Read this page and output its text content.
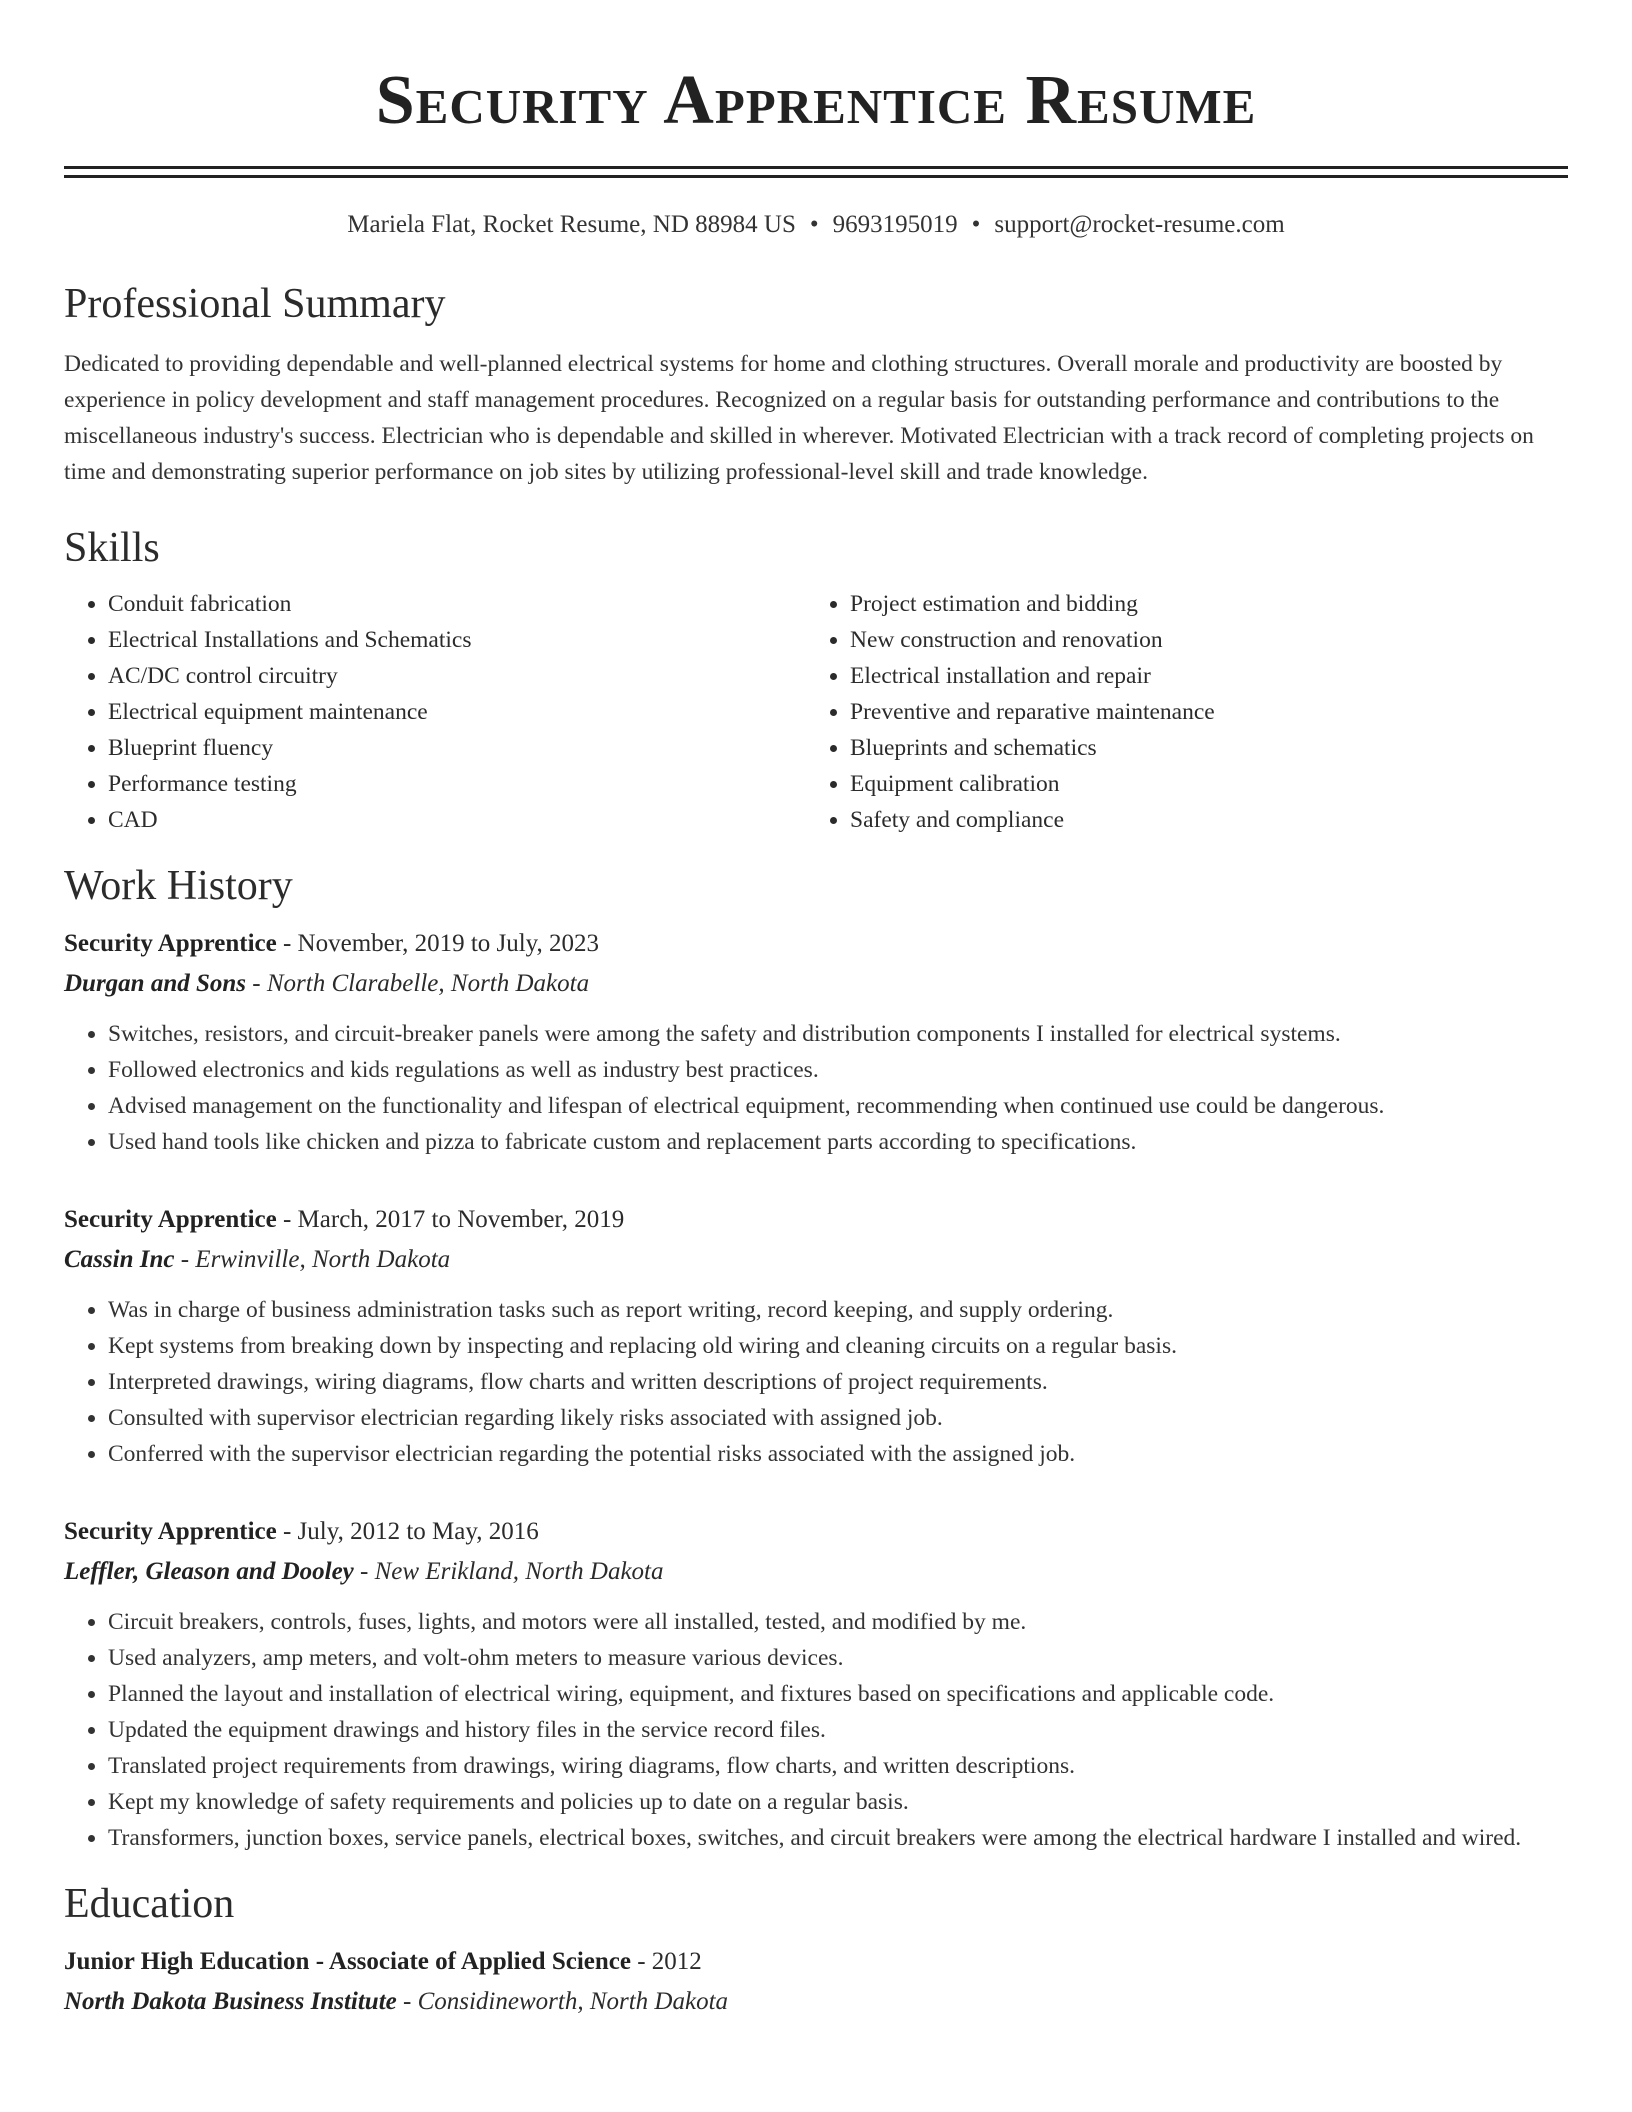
Security Apprentice Resume
Mariela Flat, Rocket Resume, ND 88984 US • 9693195019 • support@rocket-resume.com
Professional Summary

Dedicated to providing dependable and well-planned electrical systems for home and clothing structures. Overall morale and productivity are boosted by experience in policy development and staff management procedures. Recognized on a regular basis for outstanding performance and contributions to the miscellaneous industry's success. Electrician who is dependable and skilled in wherever. Motivated Electrician with a track record of completing projects on time and demonstrating superior performance on job sites by utilizing professional-level skill and trade knowledge.

Skills
• Conduit fabrication
• Electrical Installations and Schematics
• AC/DC control circuitry
• Electrical equipment maintenance
• Blueprint fluency
• Performance testing
• CAD
• Project estimation and bidding
• New construction and renovation
• Electrical installation and repair
• Preventive and reparative maintenance
• Blueprints and schematics
• Equipment calibration
• Safety and compliance
Work History
Security Apprentice - November, 2019 to July, 2023
Durgan and Sons - North Clarabelle, North Dakota
• Switches, resistors, and circuit-breaker panels were among the safety and distribution components I installed for electrical systems.
• Followed electronics and kids regulations as well as industry best practices.
• Advised management on the functionality and lifespan of electrical equipment, recommending when continued use could be dangerous.
• Used hand tools like chicken and pizza to fabricate custom and replacement parts according to specifications.
Security Apprentice - March, 2017 to November, 2019
Cassin Inc - Erwinville, North Dakota
• Was in charge of business administration tasks such as report writing, record keeping, and supply ordering.
• Kept systems from breaking down by inspecting and replacing old wiring and cleaning circuits on a regular basis.
• Interpreted drawings, wiring diagrams, flow charts and written descriptions of project requirements.
• Consulted with supervisor electrician regarding likely risks associated with assigned job.
• Conferred with the supervisor electrician regarding the potential risks associated with the assigned job.
Security Apprentice - July, 2012 to May, 2016
Leffler, Gleason and Dooley - New Erikland, North Dakota
• Circuit breakers, controls, fuses, lights, and motors were all installed, tested, and modified by me.
• Used analyzers, amp meters, and volt-ohm meters to measure various devices.
• Planned the layout and installation of electrical wiring, equipment, and fixtures based on specifications and applicable code.
• Updated the equipment drawings and history files in the service record files.
• Translated project requirements from drawings, wiring diagrams, flow charts, and written descriptions.
• Kept my knowledge of safety requirements and policies up to date on a regular basis.
• Transformers, junction boxes, service panels, electrical boxes, switches, and circuit breakers were among the electrical hardware I installed and wired.
Education
Junior High Education - Associate of Applied Science - 2012
North Dakota Business Institute - Considineworth, North Dakota
